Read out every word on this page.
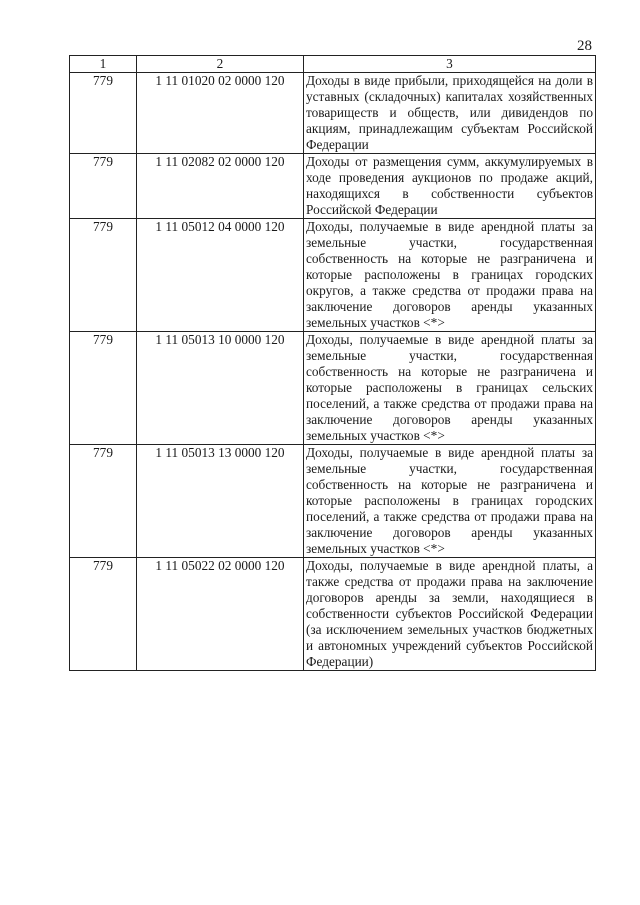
28
1	2	3
779	1 11 01020 02 0000 120	Доходы в виде прибыли, приходящейся на доли в уставных (складочных) капиталах хозяйственных товариществ и обществ, или дивидендов по акциям, принадлежащим субъектам Российской Федерации
779	1 11 02082 02 0000 120	Доходы от размещения сумм, аккумулируемых в ходе проведения аукционов по продаже акций, находящихся в собственности субъектов Российской Федерации
779	1 11 05012 04 0000 120	Доходы, получаемые в виде арендной платы за земельные участки, государственная собственность на которые не разграничена и которые расположены в границах городских округов, а также средства от продажи права на заключение договоров аренды указанных земельных участков <*>
779	1 11 05013 10 0000 120	Доходы, получаемые в виде арендной платы за земельные участки, государственная собственность на которые не разграничена и которые расположены в границах сельских поселений, а также средства от продажи права на заключение договоров аренды указанных земельных участков <*>
779	1 11 05013 13 0000 120	Доходы, получаемые в виде арендной платы за земельные участки, государственная собственность на которые не разграничена и которые расположены в границах городских поселений, а также средства от продажи права на заключение договоров аренды указанных земельных участков <*>
779	1 11 05022 02 0000 120	Доходы, получаемые в виде арендной платы, а также средства от продажи права на заключение договоров аренды за земли, находящиеся в собственности субъектов Российской Федерации (за исключением земельных участков бюджетных и автономных учреждений субъектов Российской Федерации)
